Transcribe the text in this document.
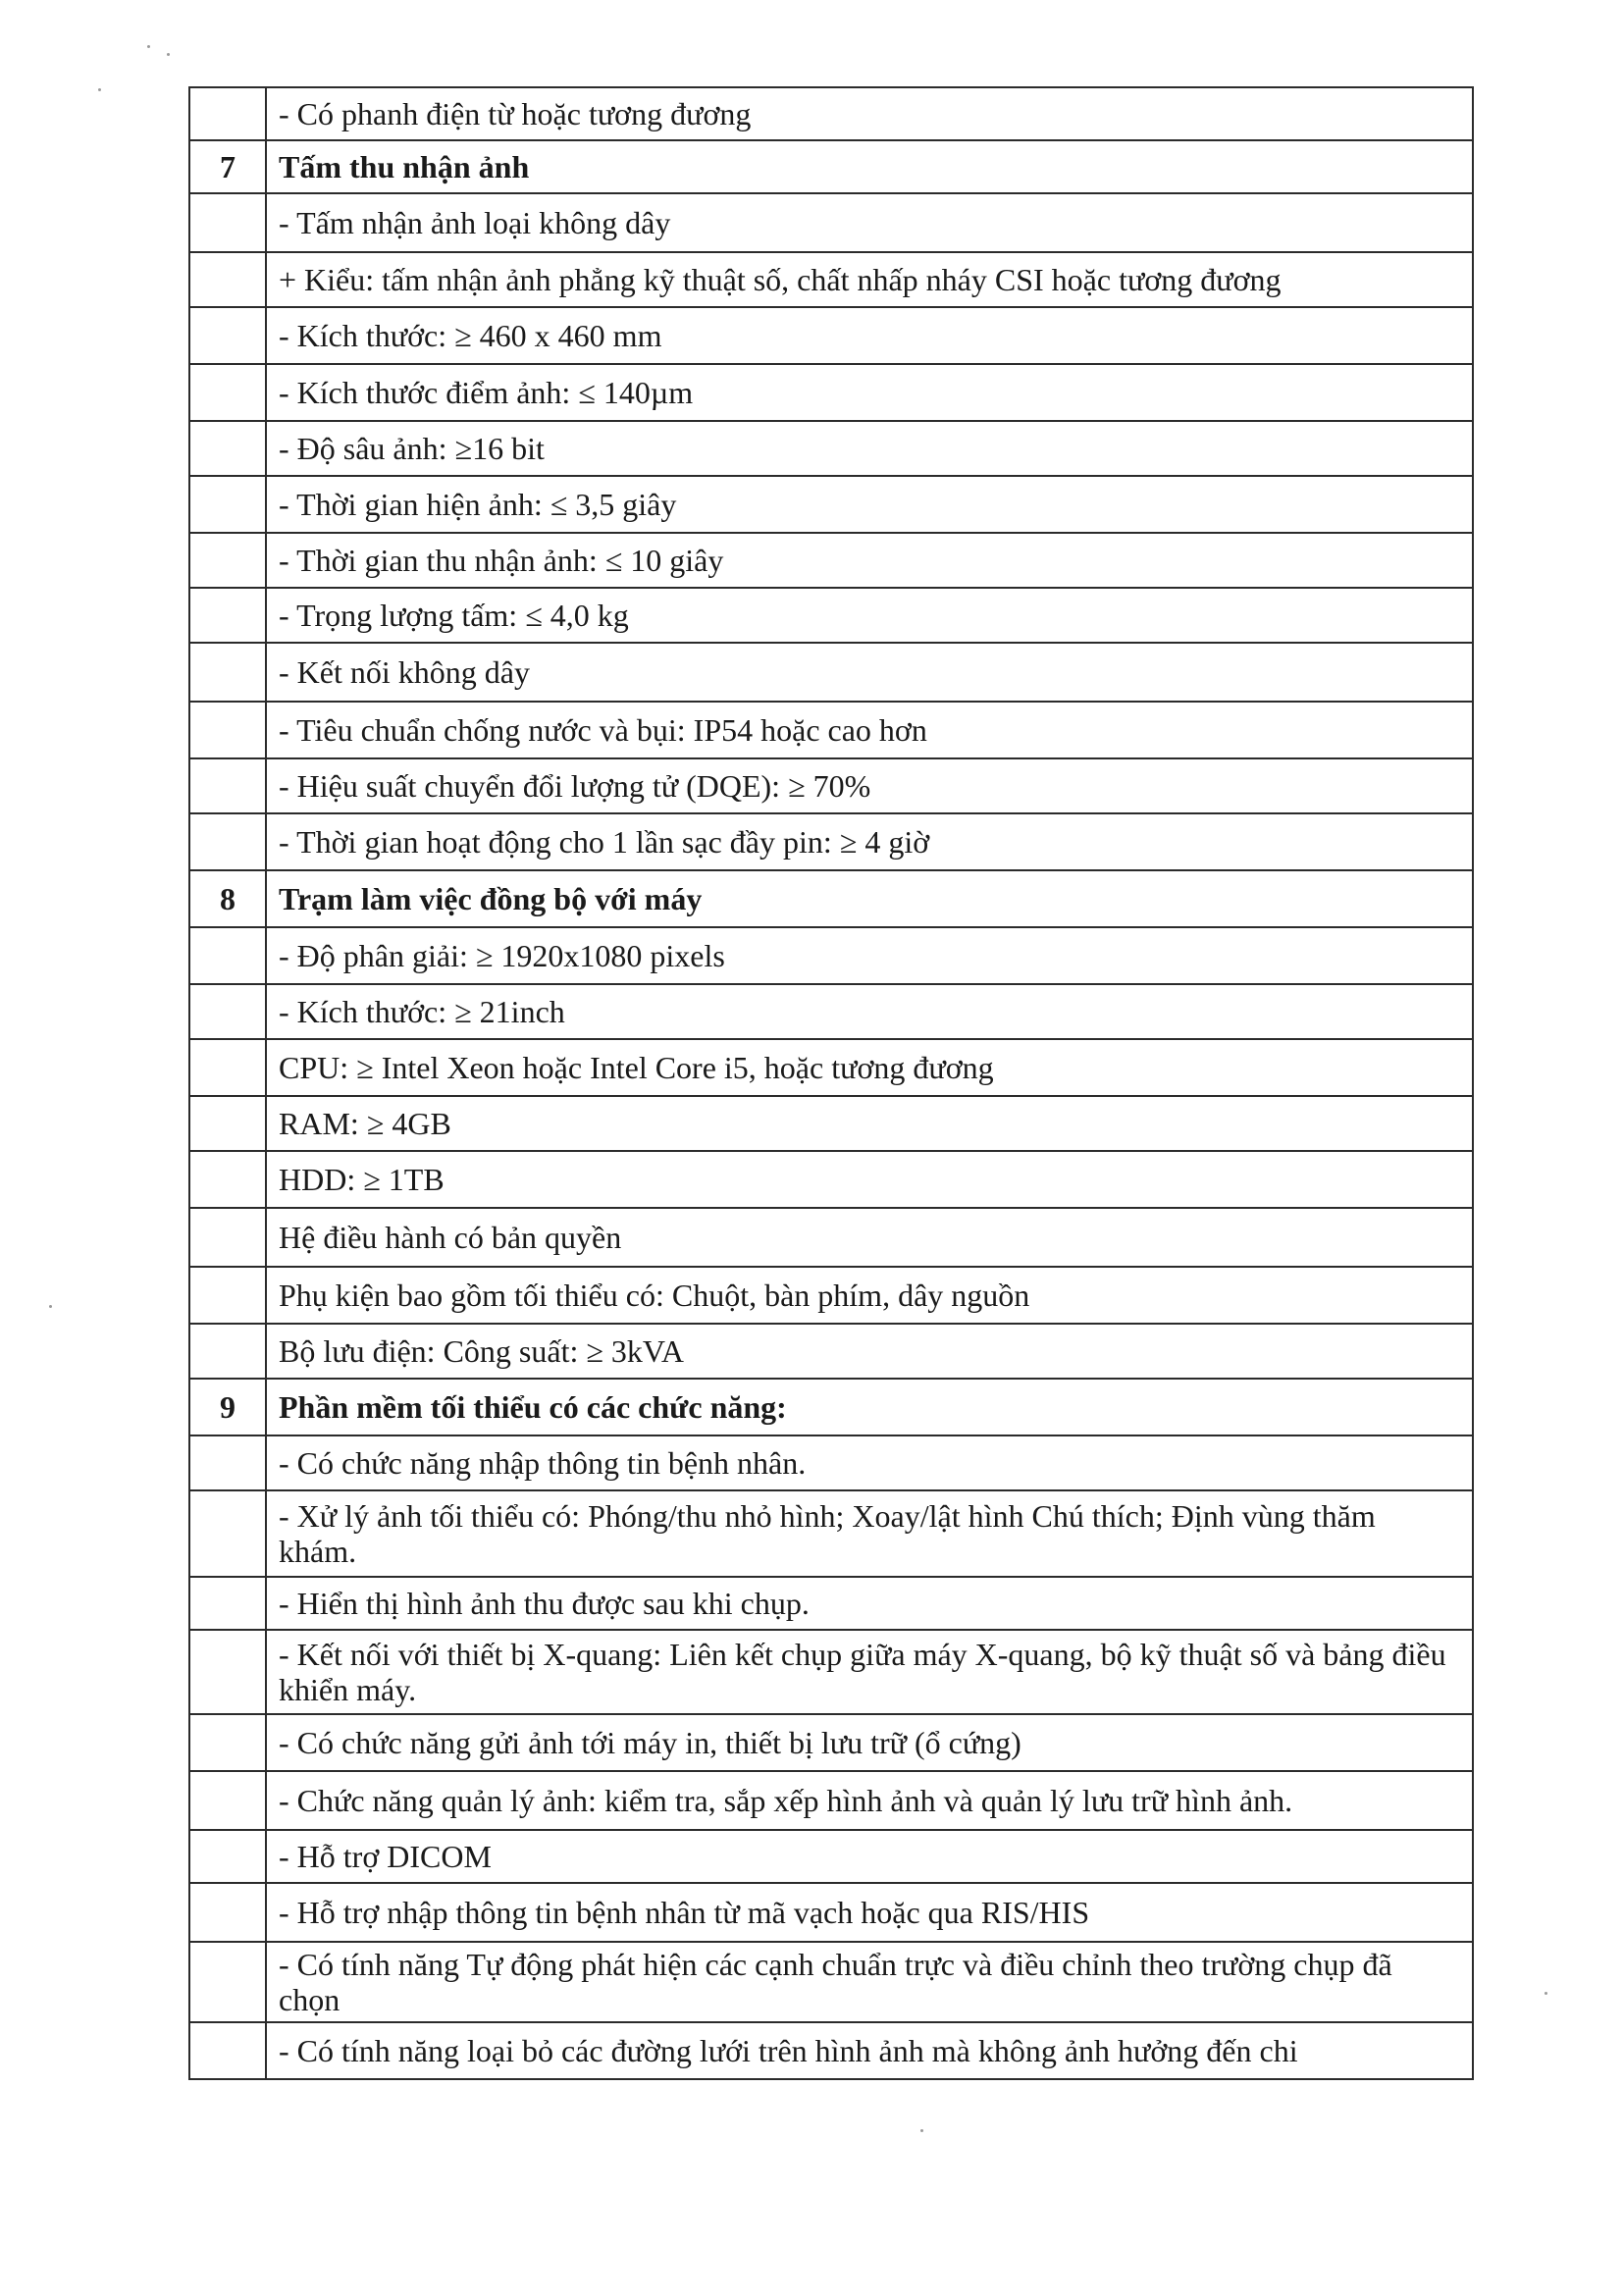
	- Có phanh điện từ hoặc tương đương
7	Tấm thu nhận ảnh
	- Tấm nhận ảnh loại không dây
	+ Kiểu: tấm nhận ảnh phẳng kỹ thuật số, chất nhấp nháy CSI hoặc tương đương
	- Kích thước: ≥ 460 x 460 mm
	- Kích thước điểm ảnh: ≤ 140µm
	- Độ sâu ảnh: ≥16 bit
	- Thời gian hiện ảnh: ≤ 3,5 giây
	- Thời gian thu nhận ảnh: ≤ 10 giây
	- Trọng lượng tấm: ≤ 4,0 kg
	- Kết nối không dây
	- Tiêu chuẩn chống nước và bụi: IP54 hoặc cao hơn
	- Hiệu suất chuyển đổi lượng tử (DQE): ≥ 70%
	- Thời gian hoạt động cho 1 lần sạc đầy pin: ≥ 4 giờ
8	Trạm làm việc đồng bộ với máy
	- Độ phân giải: ≥ 1920x1080 pixels
	- Kích thước: ≥ 21inch
	CPU: ≥ Intel Xeon hoặc Intel Core i5, hoặc tương đương
	RAM: ≥ 4GB
	HDD: ≥ 1TB
	Hệ điều hành có bản quyền
	Phụ kiện bao gồm tối thiểu có: Chuột, bàn phím, dây nguồn
	Bộ lưu điện: Công suất: ≥ 3kVA
9	Phần mềm tối thiểu có các chức năng:
	- Có chức năng nhập thông tin bệnh nhân.
	- Xử lý ảnh tối thiểu có: Phóng/thu nhỏ hình; Xoay/lật hình Chú thích; Định vùng thăm khám.
	- Hiển thị hình ảnh thu được sau khi chụp.
	- Kết nối với thiết bị X-quang: Liên kết chụp giữa máy X-quang, bộ kỹ thuật số và bảng điều khiển máy.
	- Có chức năng gửi ảnh tới máy in, thiết bị lưu trữ (ổ cứng)
	- Chức năng quản lý ảnh: kiểm tra, sắp xếp hình ảnh và quản lý lưu trữ hình ảnh.
	- Hỗ trợ DICOM
	- Hỗ trợ nhập thông tin bệnh nhân từ mã vạch hoặc qua RIS/HIS
	- Có tính năng Tự động phát hiện các cạnh chuẩn trực và điều chỉnh theo trường chụp đã chọn
	- Có tính năng loại bỏ các đường lưới trên hình ảnh mà không ảnh hưởng đến chi
